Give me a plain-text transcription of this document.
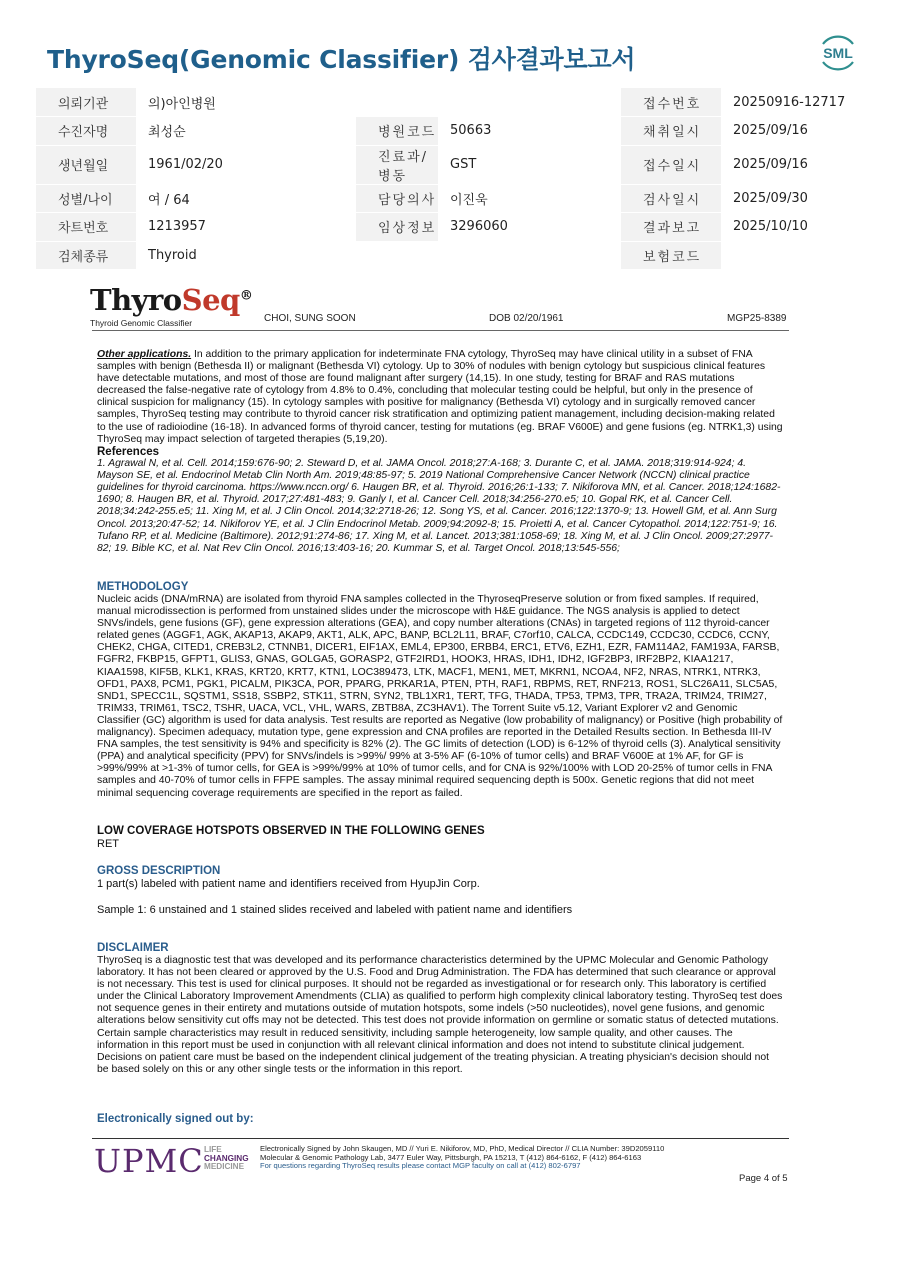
ThyroSeq(Genomic Classifier) 검사결과보고서	SML
의뢰기관	의)아인병원			접수번호	20250916-12717
수진자명	최성순	병원코드	50663	채취일시	2025/09/16
생년월일	1961/02/20	진료과/병동	GST	접수일시	2025/09/16
성별/나이	여 / 64	담당의사	이진욱	검사일시	2025/09/30
차트번호	1213957	임상정보	3296060	결과보고	2025/10/10
검체종류	Thyroid			보험코드	
ThyroSeq®
Thyroid Genomic Classifier	CHOI, SUNG SOON	DOB 02/20/1961	MGP25-8389
Other applications. In addition to the primary application for indeterminate FNA cytology, ThyroSeq may have clinical utility in a subset of FNA samples with benign (Bethesda II) or malignant (Bethesda VI) cytology. Up to 30% of nodules with benign cytology but suspicious clinical features have detectable mutations, and most of those are found malignant after surgery (14,15). In one study, testing for BRAF and RAS mutations decreased the false-negative rate of cytology from 4.8% to 0.4%, concluding that molecular testing could be helpful, but only in the presence of clinical suspicion for malignancy (15). In cytology samples with positive for malignancy (Bethesda VI) cytology and in surgically removed cancer samples, ThyroSeq testing may contribute to thyroid cancer risk stratification and optimizing patient management, including decision-making related to the use of radioiodine (16-18). In advanced forms of thyroid cancer, testing for mutations (eg. BRAF V600E) and gene fusions (eg. NTRK1,3) using ThyroSeq may impact selection of targeted therapies (5,19,20).
References
1. Agrawal N, et al. Cell. 2014;159:676-90; 2. Steward D, et al. JAMA Oncol. 2018;27:A-168; 3. Durante C, et al. JAMA. 2018;319:914-924; 4. Mayson SE, et al. Endocrinol Metab Clin North Am. 2019;48:85-97; 5. 2019 National Comprehensive Cancer Network (NCCN) clinical practice guidelines for thyroid carcinoma. https://www.nccn.org/ 6. Haugen BR, et al. Thyroid. 2016;26:1-133; 7. Nikiforova MN, et al. Cancer. 2018;124:1682-1690; 8. Haugen BR, et al. Thyroid. 2017;27:481-483; 9. Ganly I, et al. Cancer Cell. 2018;34:256-270.e5; 10. Gopal RK, et al. Cancer Cell. 2018;34:242-255.e5; 11. Xing M, et al. J Clin Oncol. 2014;32:2718-26; 12. Song YS, et al. Cancer. 2016;122:1370-9; 13. Howell GM, et al. Ann Surg Oncol. 2013;20:47-52; 14. Nikiforov YE, et al. J Clin Endocrinol Metab. 2009;94:2092-8; 15. Proietti A, et al. Cancer Cytopathol. 2014;122:751-9; 16. Tufano RP, et al. Medicine (Baltimore). 2012;91:274-86; 17. Xing M, et al. Lancet. 2013;381:1058-69; 18. Xing M, et al. J Clin Oncol. 2009;27:2977-82; 19. Bible KC, et al. Nat Rev Clin Oncol. 2016;13:403-16; 20. Kummar S, et al. Target Oncol. 2018;13:545-556;
METHODOLOGY
Nucleic acids (DNA/mRNA) are isolated from thyroid FNA samples collected in the ThyroseqPreserve solution or from fixed samples. If required, manual microdissection is performed from unstained slides under the microscope with H&E guidance. The NGS analysis is applied to detect SNVs/indels, gene fusions (GF), gene expression alterations (GEA), and copy number alterations (CNAs) in targeted regions of 112 thyroid-cancer related genes (AGGF1, AGK, AKAP13, AKAP9, AKT1, ALK, APC, BANP, BCL2L11, BRAF, C7orf10, CALCA, CCDC149, CCDC30, CCDC6, CCNY, CHEK2, CHGA, CITED1, CREB3L2, CTNNB1, DICER1, EIF1AX, EML4, EP300, ERBB4, ERC1, ETV6, EZH1, EZR, FAM114A2, FAM193A, FARSB, FGFR2, FKBP15, GFPT1, GLIS3, GNAS, GOLGA5, GORASP2, GTF2IRD1, HOOK3, HRAS, IDH1, IDH2, IGF2BP3, IRF2BP2, KIAA1217, KIAA1598, KIF5B, KLK1, KRAS, KRT20, KRT7, KTN1, LOC389473, LTK, MACF1, MEN1, MET, MKRN1, NCOA4, NF2, NRAS, NTRK1, NTRK3, OFD1, PAX8, PCM1, PGK1, PICALM, PIK3CA, POR, PPARG, PRKAR1A, PTEN, PTH, RAF1, RBPMS, RET, RNF213, ROS1, SLC26A11, SLC5A5, SND1, SPECC1L, SQSTM1, SS18, SSBP2, STK11, STRN, SYN2, TBL1XR1, TERT, TFG, THADA, TP53, TPM3, TPR, TRA2A, TRIM24, TRIM27, TRIM33, TRIM61, TSC2, TSHR, UACA, VCL, VHL, WARS, ZBTB8A, ZC3HAV1). The Torrent Suite v5.12, Variant Explorer v2 and Genomic Classifier (GC) algorithm is used for data analysis. Test results are reported as Negative (low probability of malignancy) or Positive (high probability of malignancy). Specimen adequacy, mutation type, gene expression and CNA profiles are reported in the Detailed Results section. In Bethesda III-IV FNA samples, the test sensitivity is 94% and specificity is 82% (2). The GC limits of detection (LOD) is 6-12% of thyroid cells (3). Analytical sensitivity (PPA) and analytical specificity (PPV) for SNVs/indels is >99%/ 99% at 3-5% AF (6-10% of tumor cells) and BRAF V600E at 1% AF, for GF is >99%/99% at >1-3% of tumor cells, for GEA is >99%/99% at 10% of tumor cells, and for CNA is 92%/100% with LOD 20-25% of tumor cells in FNA samples and 40-70% of tumor cells in FFPE samples. The assay minimal required sequencing depth is 500x. Genetic regions that did not meet minimal sequencing coverage requirements are specified in the report as failed.
LOW COVERAGE HOTSPOTS OBSERVED IN THE FOLLOWING GENES
RET
GROSS DESCRIPTION
1 part(s) labeled with patient name and identifiers received from HyupJin Corp.
Sample 1: 6 unstained and 1 stained slides received and labeled with patient name and identifiers
DISCLAIMER
ThyroSeq is a diagnostic test that was developed and its performance characteristics determined by the UPMC Molecular and Genomic Pathology laboratory. It has not been cleared or approved by the U.S. Food and Drug Administration. The FDA has determined that such clearance or approval is not necessary. This test is used for clinical purposes. It should not be regarded as investigational or for research only. This laboratory is certified under the Clinical Laboratory Improvement Amendments (CLIA) as qualified to perform high complexity clinical laboratory testing. ThyroSeq test does not sequence genes in their entirety and mutations outside of mutation hotspots, some indels (>50 nucleotides), novel gene fusions, and genomic alterations below sensitivity cut offs may not be detected. This test does not provide information on germline or somatic status of detected mutations. Certain sample characteristics may result in reduced sensitivity, including sample heterogeneity, low sample quality, and other causes. The information in this report must be used in conjunction with all relevant clinical information and does not intend to substitute clinical judgement. Decisions on patient care must be based on the independent clinical judgement of the treating physician. A treating physician's decision should not be based solely on this or any other single tests or the information in this report.
Electronically signed out by:
UPMC LIFE
CHANGING
MEDICINE
Electronically Signed by John Skaugen, MD // Yuri E. Nikiforov, MD, PhD, Medical Director // CLIA Number: 39D2059110
Molecular & Genomic Pathology Lab, 3477 Euler Way, Pittsburgh, PA 15213, T (412) 864-6162, F (412) 864-6163
For questions regarding ThyroSeq results please contact MGP faculty on call at (412) 802-6797
Page 4 of 5
